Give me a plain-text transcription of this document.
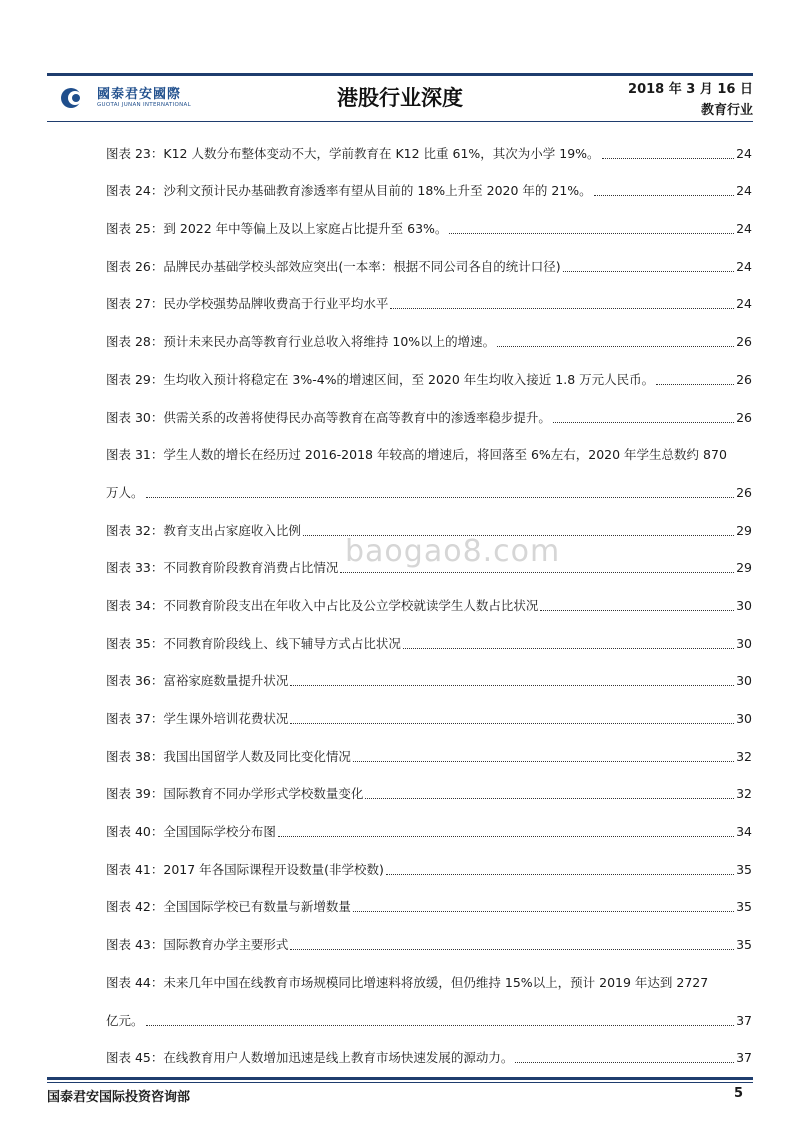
國泰君安國際
GUOTAI JUNAN INTERNATIONAL	港股行业深度	2018 年 3 月 16 日
教育行业
baogao8.com
图表 23：K12 人数分布整体变动不大，学前教育在 K12 比重 61%，其次为小学 19%。	24
图表 24：沙利文预计民办基础教育渗透率有望从目前的 18%上升至 2020 年的 21%。	24
图表 25：到 2022 年中等偏上及以上家庭占比提升至 63%。	24
图表 26：品牌民办基础学校头部效应突出(一本率：根据不同公司各自的统计口径)	24
图表 27：民办学校强势品牌收费高于行业平均水平	24
图表 28：预计未来民办高等教育行业总收入将维持 10%以上的增速。	26
图表 29：生均收入预计将稳定在 3%-4%的增速区间，至 2020 年生均收入接近 1.8 万元人民币。	26
图表 30：供需关系的改善将使得民办高等教育在高等教育中的渗透率稳步提升。	26
图表 31： 学生人数的增长在经历过 2016-2018 年较高的增速后，将回落至 6%左右，2020 年学生总数约 870
万人。	26
图表 32：教育支出占家庭收入比例	29
图表 33：不同教育阶段教育消费占比情况	29
图表 34：不同教育阶段支出在年收入中占比及公立学校就读学生人数占比状况	30
图表 35：不同教育阶段线上、线下辅导方式占比状况	30
图表 36：富裕家庭数量提升状况	30
图表 37：学生课外培训花费状况	30
图表 38：我国出国留学人数及同比变化情况	32
图表 39：国际教育不同办学形式学校数量变化	32
图表 40：全国国际学校分布图	34
图表 41：2017 年各国际课程开设数量(非学校数)	35
图表 42：全国国际学校已有数量与新增数量	35
图表 43：国际教育办学主要形式	35
图表 44： 未来几年中国在线教育市场规模同比增速料将放缓，但仍维持 15%以上，预计 2019 年达到 2727
亿元。	37
图表 45：在线教育用户人数增加迅速是线上教育市场快速发展的源动力。	37
国泰君安国际投资咨询部	5
